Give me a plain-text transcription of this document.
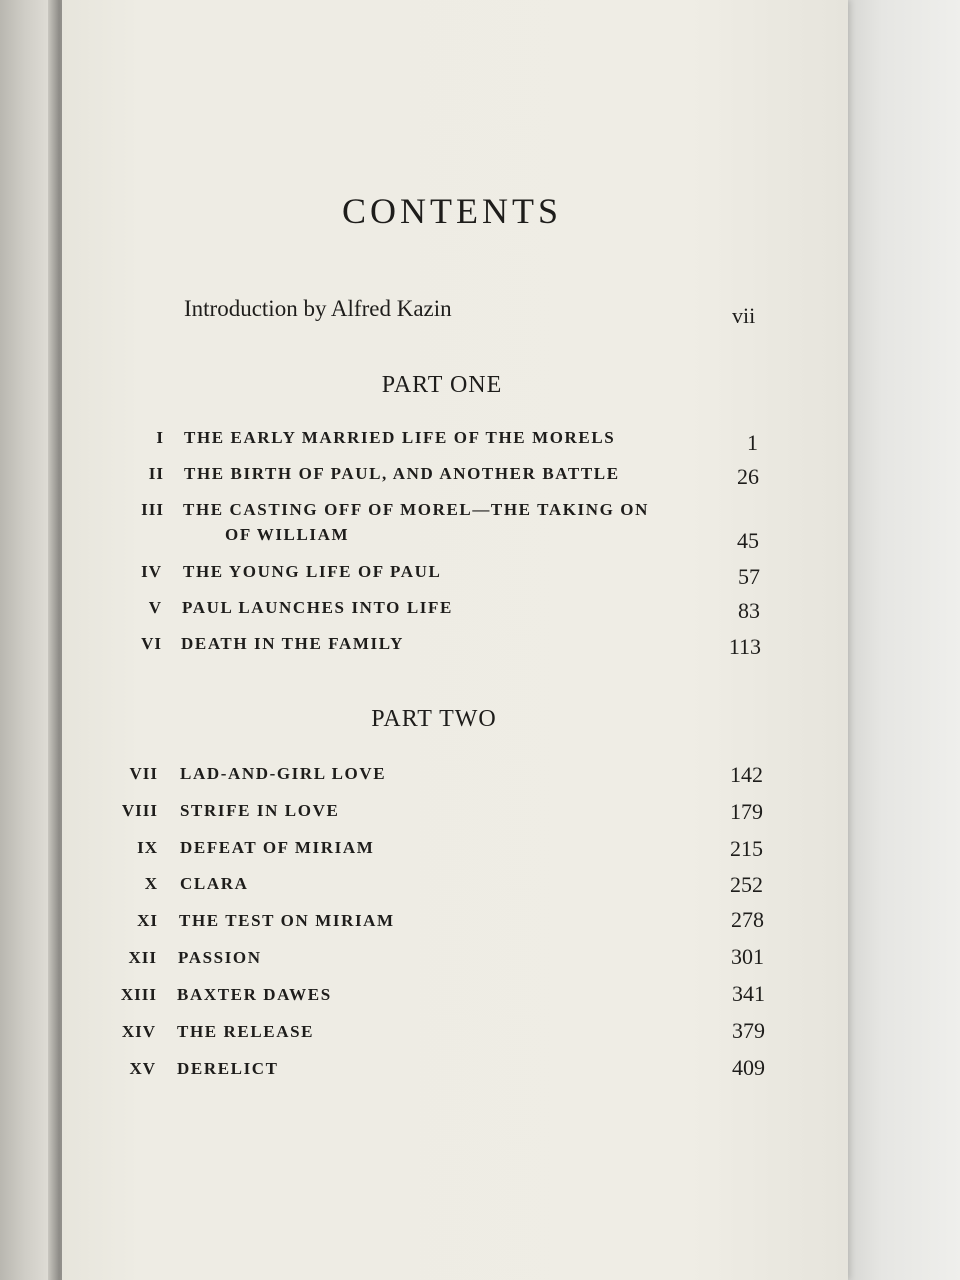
CONTENTS
Introduction by Alfred Kazin	vii
PART ONE
I THE EARLY MARRIED LIFE OF THE MORELS	1
II THE BIRTH OF PAUL, AND ANOTHER BATTLE	26
III THE CASTING OFF OF MOREL—THE TAKING ON
OF WILLIAM	45
IV THE YOUNG LIFE OF PAUL	57
V PAUL LAUNCHES INTO LIFE	83
VI DEATH IN THE FAMILY	113
PART TWO
VII LAD-AND-GIRL LOVE	142
VIII STRIFE IN LOVE	179
IX DEFEAT OF MIRIAM	215
X CLARA	252
XI THE TEST ON MIRIAM	278
XII PASSION	301
XIII BAXTER DAWES	341
XIV THE RELEASE	379
XV DERELICT	409
